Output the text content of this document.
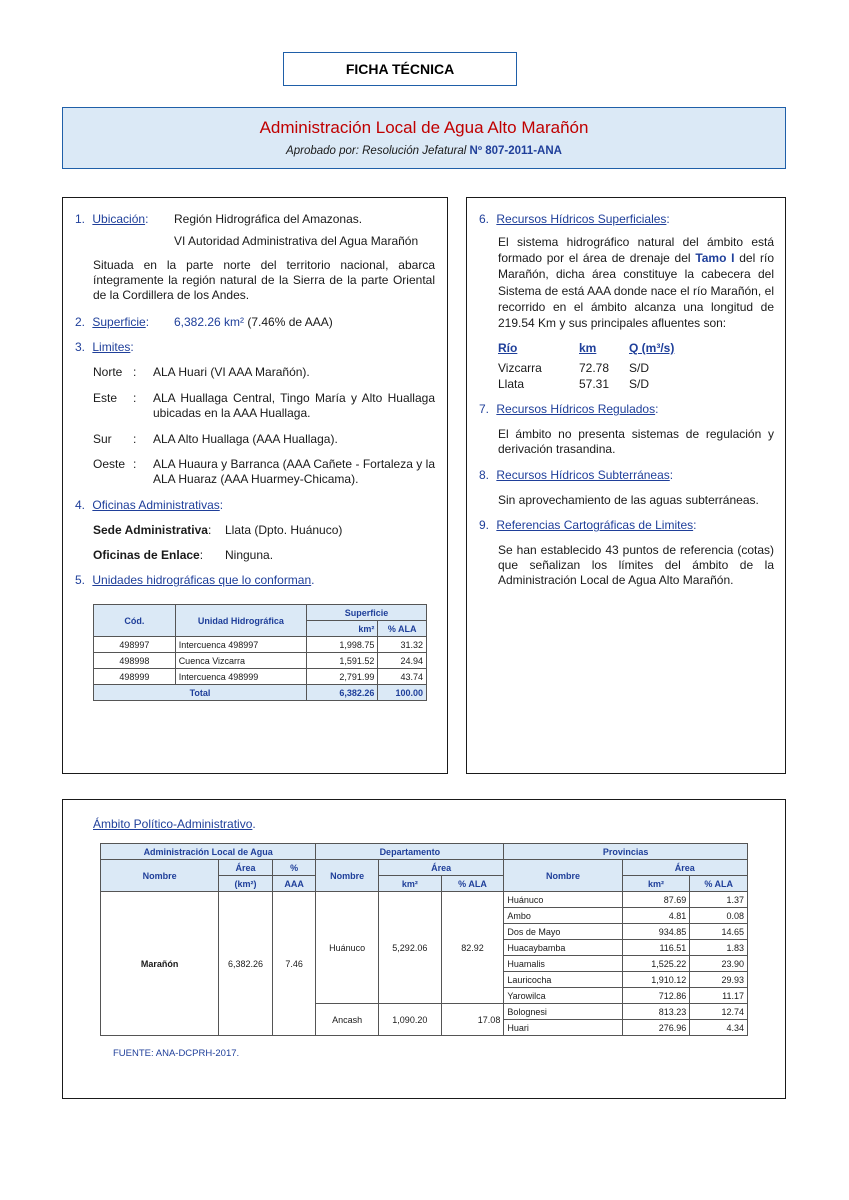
FICHA TÉCNICA
Administración Local de Agua Alto Marañón
Aprobado por: Resolución Jefatural Nº 807-2011-ANA
1. Ubicación: Región Hidrográfica del Amazonas.
VI Autoridad Administrativa del Agua Marañón
Situada en la parte norte del territorio nacional, abarca íntegramente la región natural de la Sierra de la parte Oriental de la Cordillera de los Andes.
2. Superficie: 6,382.26 km² (7.46% de AAA)
3. Limites:
Norte : ALA Huari (VI AAA Marañón).
Este : ALA Huallaga Central, Tingo María y Alto Huallaga ubicadas en la AAA Huallaga.
Sur : ALA Alto Huallaga (AAA Huallaga).
Oeste : ALA Huaura y Barranca (AAA Cañete - Fortaleza y la ALA Huaraz (AAA Huarmey-Chicama).
4. Oficinas Administrativas:
Sede Administrativa: Llata (Dpto. Huánuco)
Oficinas de Enlace: Ninguna.
5. Unidades hidrográficas que lo conforman.
Cód.	Unidad Hidrográfica	Superficie	
		km²	% ALA
498997	Intercuenca 498997	1,998.75	31.32
498998	Cuenca Vizcarra	1,591.52	24.94
498999	Intercuenca 498999	2,791.99	43.74
Total		6,382.26	100.00
6. Recursos Hídricos Superficiales:
El sistema hidrográfico natural del ámbito está formado por el área de drenaje del Tamo I del río Marañón, dicha área constituye la cabecera del Sistema de está AAA donde nace el río Marañón, el recorrido en el ámbito alcanza una longitud de 219.54 Km y sus principales afluentes son:
Río	km	Q (m³/s)
Vizcarra	72.78 S/D
Llata	57.31 S/D
7. Recursos Hídricos Regulados:
El ámbito no presenta sistemas de regulación y derivación trasandina.
8. Recursos Hídricos Subterráneas:
Sin aprovechamiento de las aguas subterráneas.
9. Referencias Cartográficas de Limites:
Se han establecido 43 puntos de referencia (cotas) que señalizan los límites del ámbito de la Administración Local de Agua Alto Marañón.
Ámbito Político-Administrativo.
Administración Local de Agua			Departamento			Provincias		
Nombre	Área	%	Nombre	Área		Nombre	Área	
	(km²)	AAA		km²	% ALA		km²	% ALA
Marañón	6,382.26	7.46	Huánuco	5,292.06	82.92	Huánuco	87.69	1.37
						Ambo	4.81	0.08
						Dos de Mayo	934.85	14.65
						Huacaybamba	116.51	1.83
						Huamalis	1,525.22	23.90
						Lauricocha	1,910.12	29.93
						Yarowilca	712.86	11.17
			Ancash	1,090.20	17.08	Bolognesi	813.23	12.74
						Huari	276.96	4.34
FUENTE: ANA-DCPRH-2017.
